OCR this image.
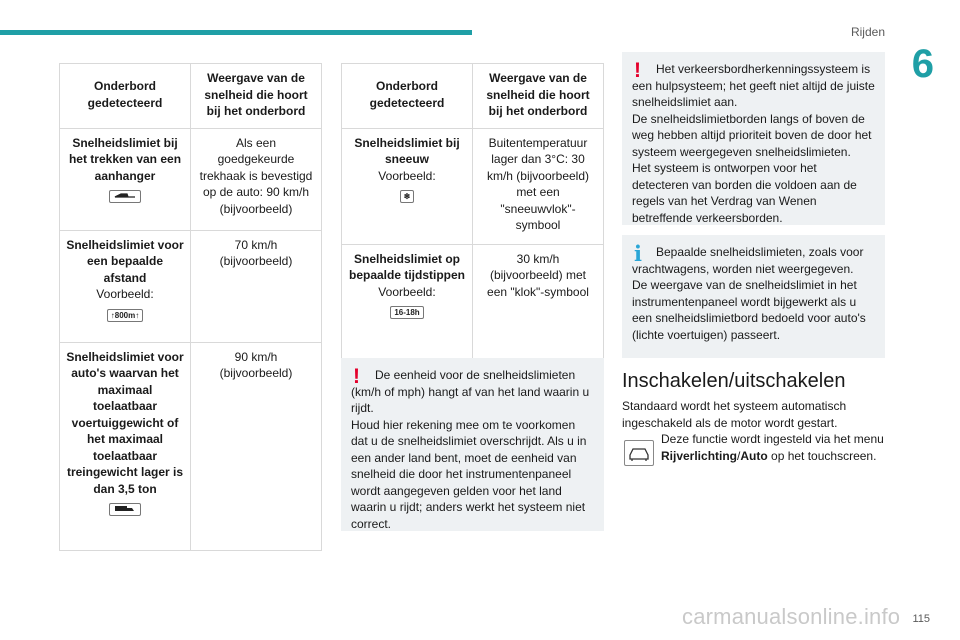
Rijden
6
Onderbord gedetecteerd	Weergave van de snelheid die hoort bij het onderbord

Snelheidslimiet bij het trekken van een aanhanger	Als een goedgekeurde trekhaak is bevestigd op de auto: 90 km/h (bijvoorbeeld)

Snelheidslimiet voor een bepaalde afstand
Voorbeeld:
↑800m↑	70 km/h (bijvoorbeeld)

Snelheidslimiet voor auto's waarvan het maximaal toelaatbaar voertuiggewicht of het maximaal toelaatbaar treingewicht lager is dan 3,5 ton	90 km/h (bijvoorbeeld)
Onderbord gedetecteerd	Weergave van de snelheid die hoort bij het onderbord

Snelheidslimiet bij sneeuw
Voorbeeld:
❄	Buitentemperatuur lager dan 3°C: 30 km/h (bijvoorbeeld) met een "sneeuwvlok"-symbool

Snelheidslimiet op bepaalde tijdstippen
Voorbeeld:
16-18h	30 km/h (bijvoorbeeld) met een "klok"-symbool
!	De eenheid voor de snelheidslimieten (km/h of mph) hangt af van het land waarin u rijdt.

Houd hier rekening mee om te voorkomen dat u de snelheidslimiet overschrijdt. Als u in een ander land bent, moet de eenheid van snelheid die door het instrumentenpaneel wordt aangegeven gelden voor het land waarin u rijdt; anders werkt het systeem niet correct.

!	Het verkeersbordherkenningssysteem is een hulpsysteem; het geeft niet altijd de juiste snelheidslimiet aan.

De snelheidslimietborden langs of boven de weg hebben altijd prioriteit boven de door het systeem weergegeven snelheidslimieten.

Het systeem is ontworpen voor het detecteren van borden die voldoen aan de regels van het Verdrag van Wenen betreffende verkeersborden.

i	Bepaalde snelheidslimieten, zoals voor vrachtwagens, worden niet weergegeven.

De weergave van de snelheidslimiet in het instrumentenpaneel wordt bijgewerkt als u een snelheidslimietbord bedoeld voor auto's (lichte voertuigen) passeert.

Inschakelen/uitschakelen
Standaard wordt het systeem automatisch ingeschakeld als de motor wordt gestart.
Deze functie wordt ingesteld via het menu Rijverlichting/Auto op het touchscreen.
carmanualsonline.info 115
